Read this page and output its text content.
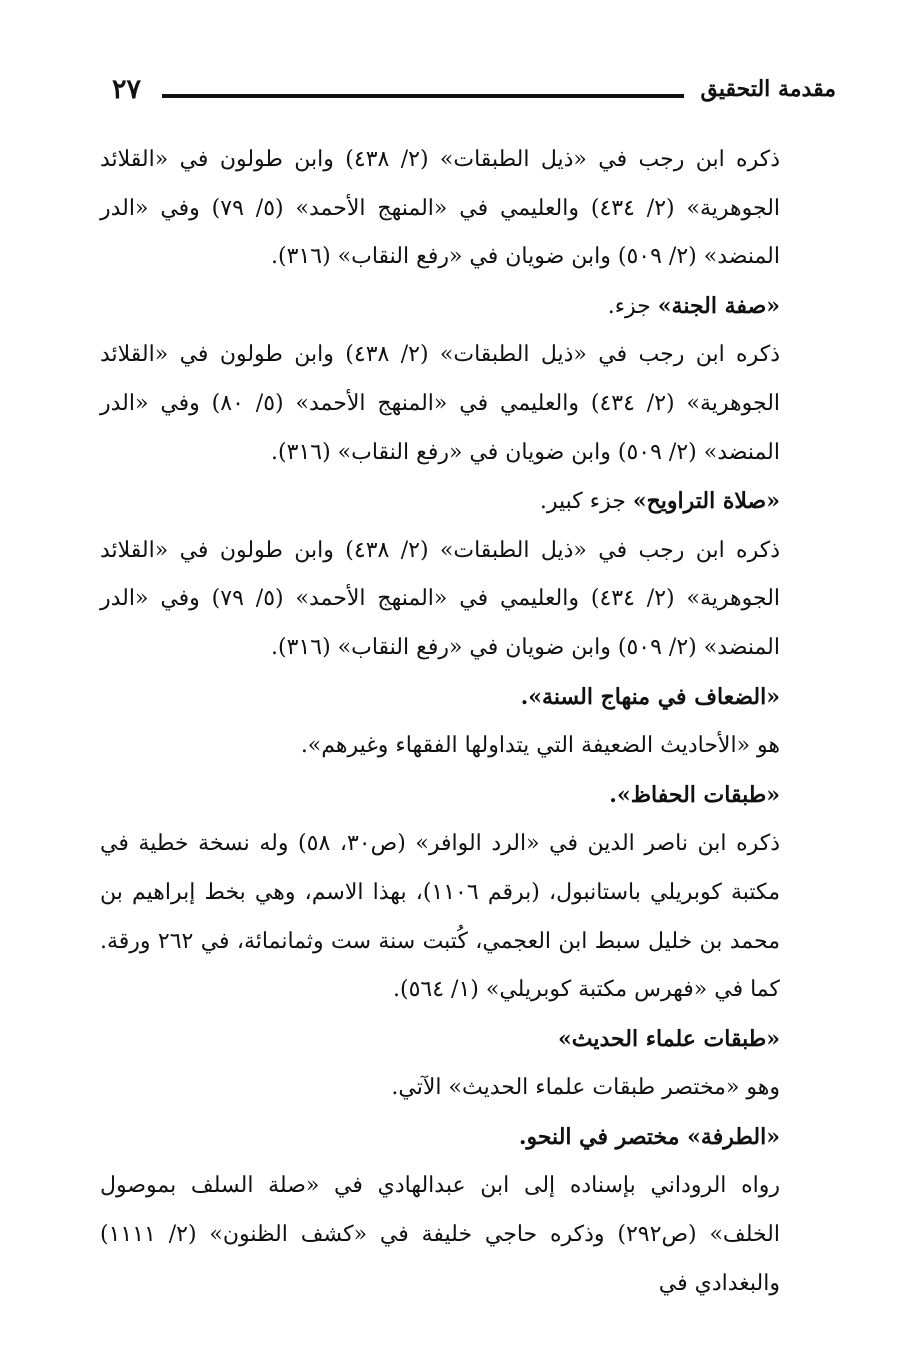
٢٧	مقدمة التحقيق

ذكره ابن رجب في «ذيل الطبقات» (٢/ ٤٣٨) وابن طولون في «القلائد الجوهرية» (٢/ ٤٣٤) والعليمي في «المنهج الأحمد» (٥/ ٧٩) وفي «الدر المنضد» (٢/ ٥٠٩) وابن ضويان في «رفع النقاب» (٣١٦).

«صفة الجنة» جزء.

ذكره ابن رجب في «ذيل الطبقات» (٢/ ٤٣٨) وابن طولون في «القلائد الجوهرية» (٢/ ٤٣٤) والعليمي في «المنهج الأحمد» (٥/ ٨٠) وفي «الدر المنضد» (٢/ ٥٠٩) وابن ضويان في «رفع النقاب» (٣١٦).

«صلاة التراويح» جزء كبير.

ذكره ابن رجب في «ذيل الطبقات» (٢/ ٤٣٨) وابن طولون في «القلائد الجوهرية» (٢/ ٤٣٤) والعليمي في «المنهج الأحمد» (٥/ ٧٩) وفي «الدر المنضد» (٢/ ٥٠٩) وابن ضويان في «رفع النقاب» (٣١٦).

«الضعاف في منهاج السنة».

هو «الأحاديث الضعيفة التي يتداولها الفقهاء وغيرهم».

«طبقات الحفاظ».

ذكره ابن ناصر الدين في «الرد الوافر» (ص٣٠، ٥٨) وله نسخة خطية في مكتبة كوبريلي باستانبول، (برقم ١١٠٦)، بهذا الاسم، وهي بخط إبراهيم بن محمد بن خليل سبط ابن العجمي، كُتبت سنة ست وثمانمائة، في ٢٦٢ ورقة. كما في «فهرس مكتبة كوبريلي» (١/ ٥٦٤).

«طبقات علماء الحديث»

وهو «مختصر طبقات علماء الحديث» الآتي.

«الطرفة» مختصر في النحو.

رواه الروداني بإسناده إلى ابن عبدالهادي في «صلة السلف بموصول الخلف» (ص٢٩٢) وذكره حاجي خليفة في «كشف الظنون» (٢/ ١١١١) والبغدادي في
